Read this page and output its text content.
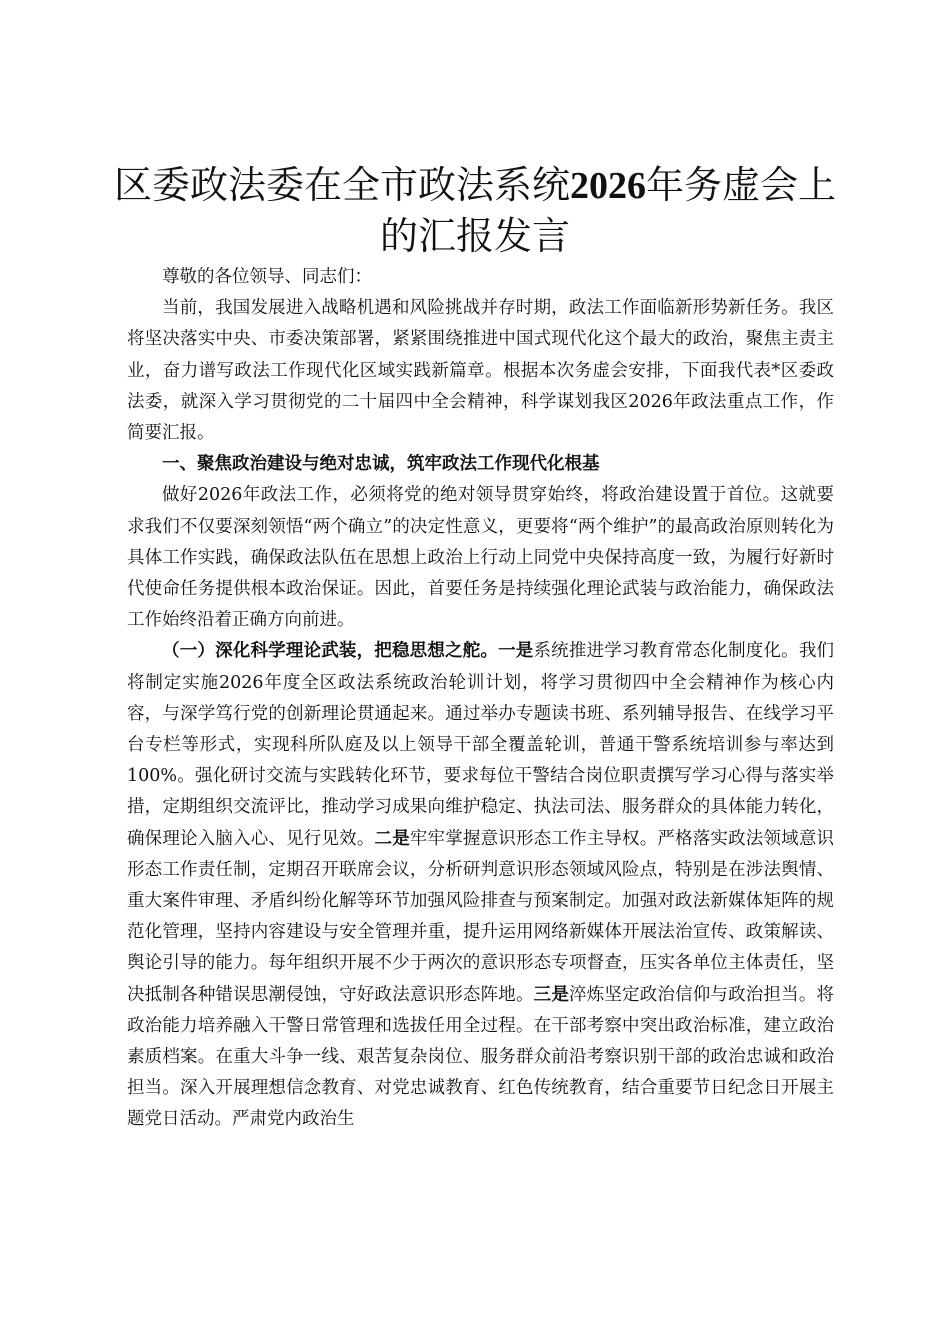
区委政法委在全市政法系统2026年务虚会上
的汇报发言

尊敬的各位领导、同志们：

当前，我国发展进入战略机遇和风险挑战并存时期，政法工作面临新形势新任务。我区将坚决落实中央、市委决策部署，紧紧围绕推进中国式现代化这个最大的政治，聚焦主责主业，奋力谱写政法工作现代化区域实践新篇章。根据本次务虚会安排，下面我代表*区委政法委，就深入学习贯彻党的二十届四中全会精神，科学谋划我区2026年政法重点工作，作简要汇报。

一、聚焦政治建设与绝对忠诚，筑牢政法工作现代化根基

做好2026年政法工作，必须将党的绝对领导贯穿始终，将政治建设置于首位。这就要求我们不仅要深刻领悟“两个确立”的决定性意义，更要将“两个维护”的最高政治原则转化为具体工作实践，确保政法队伍在思想上政治上行动上同党中央保持高度一致，为履行好新时代使命任务提供根本政治保证。因此，首要任务是持续强化理论武装与政治能力，确保政法工作始终沿着正确方向前进。

（一）深化科学理论武装，把稳思想之舵。一是系统推进学习教育常态化制度化。我们将制定实施2026年度全区政法系统政治轮训计划，将学习贯彻四中全会精神作为核心内容，与深学笃行党的创新理论贯通起来。通过举办专题读书班、系列辅导报告、在线学习平台专栏等形式，实现科所队庭及以上领导干部全覆盖轮训，普通干警系统培训参与率达到100%。强化研讨交流与实践转化环节，要求每位干警结合岗位职责撰写学习心得与落实举措，定期组织交流评比，推动学习成果向维护稳定、执法司法、服务群众的具体能力转化，确保理论入脑入心、见行见效。二是牢牢掌握意识形态工作主导权。严格落实政法领域意识形态工作责任制，定期召开联席会议，分析研判意识形态领域风险点，特别是在涉法舆情、重大案件审理、矛盾纠纷化解等环节加强风险排查与预案制定。加强对政法新媒体矩阵的规范化管理，坚持内容建设与安全管理并重，提升运用网络新媒体开展法治宣传、政策解读、舆论引导的能力。每年组织开展不少于两次的意识形态专项督查，压实各单位主体责任，坚决抵制各种错误思潮侵蚀，守好政法意识形态阵地。三是淬炼坚定政治信仰与政治担当。将政治能力培养融入干警日常管理和选拔任用全过程。在干部考察中突出政治标准，建立政治素质档案。在重大斗争一线、艰苦复杂岗位、服务群众前沿考察识别干部的政治忠诚和政治担当。深入开展理想信念教育、对党忠诚教育、红色传统教育，结合重要节日纪念日开展主题党日活动。严肃党内政治生
